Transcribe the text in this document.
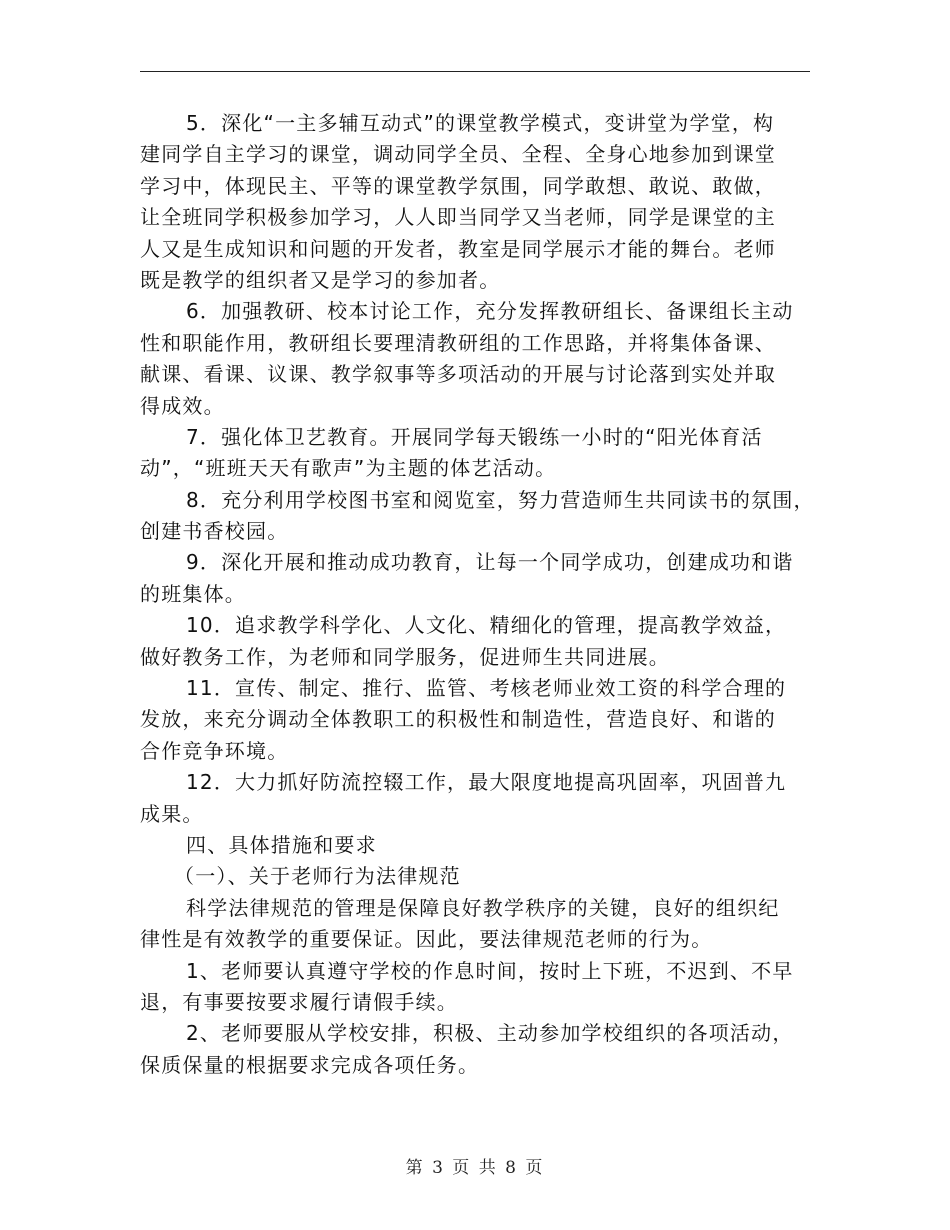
5．深化“一主多辅互动式”的课堂教学模式，变讲堂为学堂，构
建同学自主学习的课堂，调动同学全员、全程、全身心地参加到课堂
学习中，体现民主、平等的课堂教学氛围，同学敢想、敢说、敢做，
让全班同学积极参加学习，人人即当同学又当老师，同学是课堂的主
人又是生成知识和问题的开发者，教室是同学展示才能的舞台。老师
既是教学的组织者又是学习的参加者。
6．加强教研、校本讨论工作，充分发挥教研组长、备课组长主动
性和职能作用，教研组长要理清教研组的工作思路，并将集体备课、
献课、看课、议课、教学叙事等多项活动的开展与讨论落到实处并取
得成效。
7．强化体卫艺教育。开展同学每天锻练一小时的“阳光体育活
动”，“班班天天有歌声”为主题的体艺活动。
8．充分利用学校图书室和阅览室，努力营造师生共同读书的氛围，
创建书香校园。
9．深化开展和推动成功教育，让每一个同学成功，创建成功和谐
的班集体。
10．追求教学科学化、人文化、精细化的管理，提高教学效益，
做好教务工作，为老师和同学服务，促进师生共同进展。
11．宣传、制定、推行、监管、考核老师业效工资的科学合理的
发放，来充分调动全体教职工的积极性和制造性，营造良好、和谐的
合作竞争环境。
12．大力抓好防流控辍工作，最大限度地提高巩固率，巩固普九
成果。
四、具体措施和要求
（一）、关于老师行为法律规范
科学法律规范的管理是保障良好教学秩序的关键，良好的组织纪
律性是有效教学的重要保证。因此，要法律规范老师的行为。
1、老师要认真遵守学校的作息时间，按时上下班，不迟到、不早
退，有事要按要求履行请假手续。
2、老师要服从学校安排，积极、主动参加学校组织的各项活动，
保质保量的根据要求完成各项任务。
第 3 页 共 8 页
